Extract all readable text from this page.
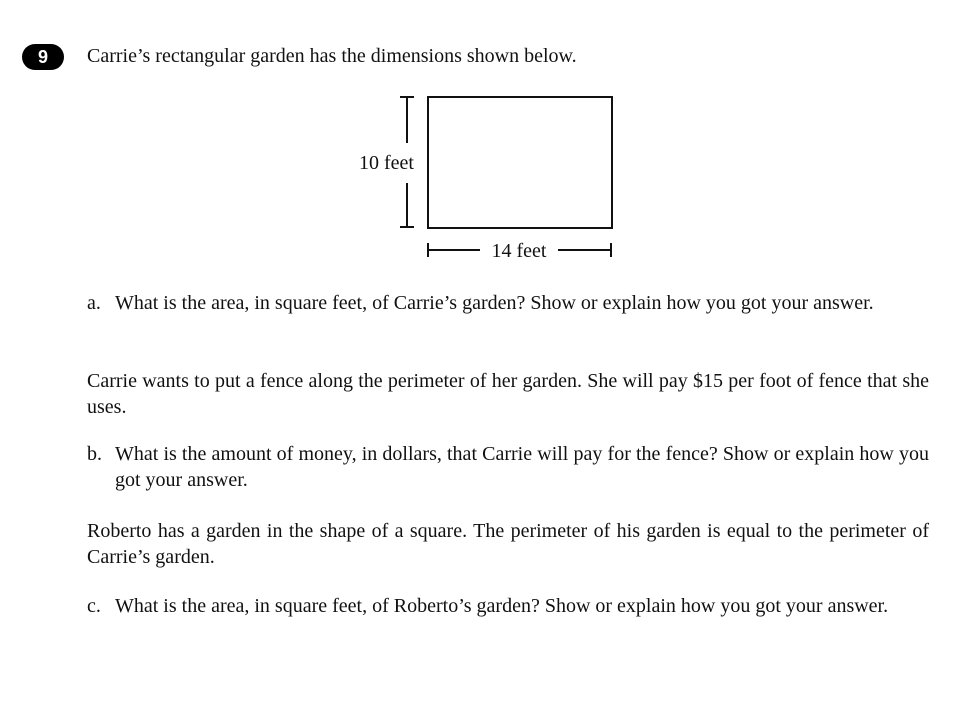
9	Carrie’s rectangular garden has the dimensions shown below.

10 feet
14 feet
a. What is the area, in square feet, of Carrie’s garden? Show or explain how you got your answer.

Carrie wants to put a fence along the perimeter of her garden. She will pay $15 per foot of fence that she uses.

b. What is the amount of money, in dollars, that Carrie will pay for the fence? Show or explain how you got your answer.

Roberto has a garden in the shape of a square. The perimeter of his garden is equal to the perimeter of Carrie’s garden.

c. What is the area, in square feet, of Roberto’s garden? Show or explain how you got your answer.
